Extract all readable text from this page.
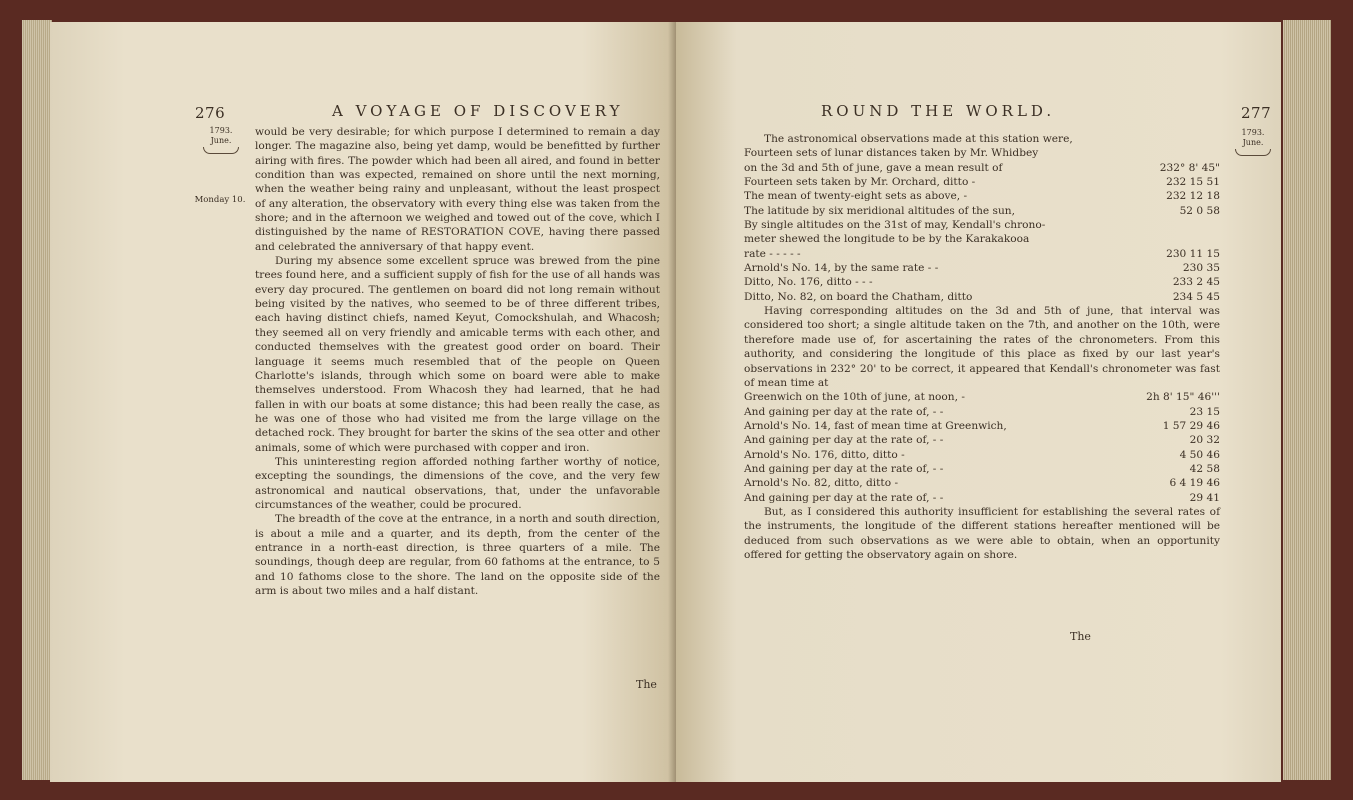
276	A VOYAGE OF DISCOVERY
1793.
June.
Monday 10.

would be very desirable; for which purpose I determined to remain a day longer. The magazine also, being yet damp, would be benefitted by further airing with fires. The powder which had been all aired, and found in better condition than was expected, remained on shore until the next morning, when the weather being rainy and unpleasant, without the least prospect of any alteration, the observatory with every thing else was taken from the shore; and in the afternoon we weighed and towed out of the cove, which I distinguished by the name of RESTORATION COVE, having there passed and celebrated the anniversary of that happy event.

During my absence some excellent spruce was brewed from the pine trees found here, and a sufficient supply of fish for the use of all hands was every day procured. The gentlemen on board did not long remain without being visited by the natives, who seemed to be of three different tribes, each having distinct chiefs, named Keyut, Comockshulah, and Whacosh; they seemed all on very friendly and amicable terms with each other, and conducted themselves with the greatest good order on board. Their language it seems much resembled that of the people on Queen Charlotte's islands, through which some on board were able to make themselves understood. From Whacosh they had learned, that he had fallen in with our boats at some distance; this had been really the case, as he was one of those who had visited me from the large village on the detached rock. They brought for barter the skins of the sea otter and other animals, some of which were purchased with copper and iron.

This uninteresting region afforded nothing farther worthy of notice, excepting the soundings, the dimensions of the cove, and the very few astronomical and nautical observations, that, under the unfavorable circumstances of the weather, could be procured.

The breadth of the cove at the entrance, in a north and south direction, is about a mile and a quarter, and its depth, from the center of the entrance in a north-east direction, is three quarters of a mile. The soundings, though deep are regular, from 60 fathoms at the entrance, to 5 and 10 fathoms close to the shore. The land on the opposite side of the arm is about two miles and a half distant.

The
ROUND THE WORLD.	277
1793.
June.

The astronomical observations made at this station were,

Fourteen sets of lunar distances taken by Mr. Whidbey	
on the 3d and 5th of june, gave a mean result of	232° 8' 45"
Fourteen sets taken by Mr. Orchard, ditto -	232 15 51
The mean of twenty-eight sets as above, -	232 12 18
The latitude by six meridional altitudes of the sun,	52 0 58
By single altitudes on the 31st of may, Kendall's chrono-	
meter shewed the longitude to be by the Karakakooa	
rate - - - - -	230 11 15
Arnold's No. 14, by the same rate - -	230 35
Ditto, No. 176, ditto - - -	233 2 45
Ditto, No. 82, on board the Chatham, ditto	234 5 45

Having corresponding altitudes on the 3d and 5th of june, that interval was considered too short; a single altitude taken on the 7th, and another on the 10th, were therefore made use of, for ascertaining the rates of the chronometers. From this authority, and considering the longitude of this place as fixed by our last year's observations in 232° 20' to be correct, it appeared that Kendall's chronometer was fast of mean time at

Greenwich on the 10th of june, at noon, -	2h 8' 15" 46'''
And gaining per day at the rate of, - -	23 15
Arnold's No. 14, fast of mean time at Greenwich,	1 57 29 46
And gaining per day at the rate of, - -	20 32
Arnold's No. 176, ditto, ditto -	4 50 46
And gaining per day at the rate of, - -	42 58
Arnold's No. 82, ditto, ditto -	6 4 19 46
And gaining per day at the rate of, - -	29 41

But, as I considered this authority insufficient for establishing the several rates of the instruments, the longitude of the different stations hereafter mentioned will be deduced from such observations as we were able to obtain, when an opportunity offered for getting the observatory again on shore.

The
